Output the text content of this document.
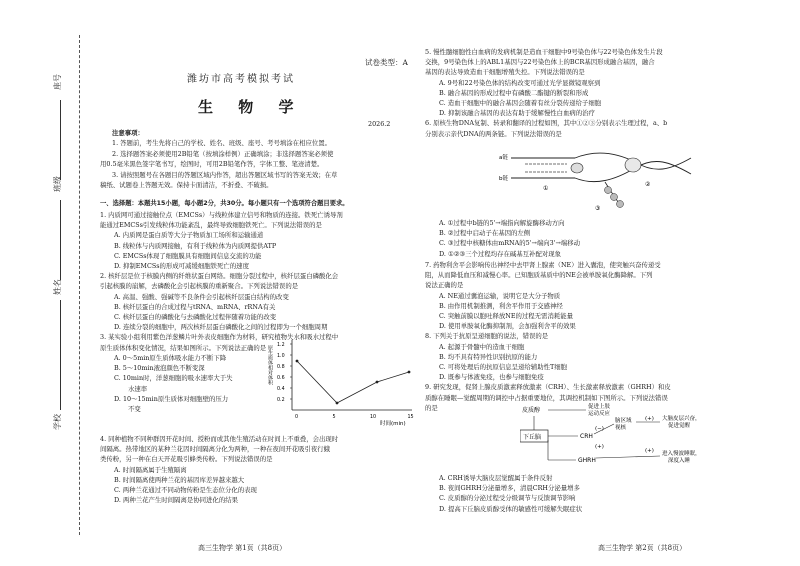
学校
姓名
班级
座号
试卷类型：A
潍坊市高考模拟考试
生 物 学
2026.2
注意事项：
1. 答题前，考生先将自己的学校、姓名、班级、座号、考号填涂在相应位置。
2. 选择题答案必须使用2B铅笔（按填涂样例）正确填涂；非选择题答案必须使
用0.5毫米黑色签字笔书写，绘图时，可用2B铅笔作答，字体工整、笔迹清楚。
3. 请按照题号在各题目的答题区域内作答，超出答题区域书写的答案无效；在草
稿纸、试题卷上答题无效。保持卡面清洁，不折叠、不破损。
一、选择题：本题共15小题，每小题2分，共30分。每小题只有一个选项符合题目要求。
1. 内质网可通过接触位点（EMCSs）与线粒体建立信号和物质的连接。铁死亡诱导剂
能通过EMCSs引发线粒体功能紊乱，最终导致细胞铁死亡。下列说法错误的是
A. 内质网是蛋白质等大分子物质加工场所和运输通道
B. 线粒体与内质网接触，有利于线粒体为内质网提供ATP
C. EMCSs体现了细胞膜具有细胞间信息交流的功能
D. 抑制EMCSs的形成可减缓细胞铁死亡的速度
2. 核纤层是位于核膜内侧的纤维状蛋白网络。细胞分裂过程中，核纤层蛋白磷酸化会
引起核膜的崩解，去磷酸化会引起核膜的重新聚合。下列说法错误的是
A. 高温、强酸、强碱等不良条件会引起核纤层蛋白结构的改变
B. 核纤层蛋白的合成过程与tRNA、mRNA、rRNA有关
C. 核纤层蛋白的磷酸化与去磷酸化过程伴随着功能的改变
D. 连续分裂的细胞中，两次核纤层蛋白磷酸化之间的过程即为一个细胞周期
3. 某实验小组利用紫色洋葱鳞片叶外表皮细胞作为材料，研究植物失水和吸水过程中
原生质体体积变化情况，结果如图所示。下列说法正确的是
A. 0～5min原生质体吸水能力不断下降
B. 5～10min液泡颜色不断变深
C. 10min时，洋葱细胞的吸水速率大于失
水速率
D. 10～15min原生质体对细胞壁的压力
不变
原生质体相对体积
0.2
0.4
0.6
0.8
1.0
1.2
0	5	10	15
时间(min)
4. 同种植物不同种群因开花时间、授粉而或其他生殖活动在时间上不重叠，会出现时
间隔离。热带地区的某种兰花因时间隔离分化为两种，一种在夜间开花吸引夜行蛾
类传粉，另一种在白天开花吸引蜂类传粉。下列说法错误的是
A. 时间隔离属于生殖隔离
B. 时间隔离使两种兰花的基因库差异越来越大
C. 两种兰花通过不同动物传粉是生态位分化的表现
D. 两种兰花产生时间隔离是协同进化的结果
高三生物学 第1页（共8页）
5. 慢性髓细胞性白血病的发病机制是造血干细胞中9号染色体与22号染色体发生片段
交换，9号染色体上的ABL1基因与22号染色体上的BCR基因形成融合基因，融合
基因的表达导致造血干细胞增殖失控。下列说法错误的是
A. 9号和22号染色体的结构改变可通过光学显微镜观察到
B. 融合基因的形成过程中有磷酸二酯键的断裂和形成
C. 造血干细胞中的融合基因会随着有丝分裂传递给子细胞
D. 抑制该融合基因的表达有助于缓解慢性白血病的治疗
6. 原核生物DNA复制、转录和翻译的过程如图，其中①②③分别表示生理过程，a、b
分别表示亲代DNA的两条链。下列说法错误的是
a链
b链
①
②
③
A. ①过程中b链的5'→端指向解旋酶移动方向
B. ②过程中启动子在基因的左侧
C. ③过程中核糖体由mRNA的5'→端向3'→端移动
D. ①②③三个过程均存在碱基互补配对现象
7. 药物利舍平会影响传出神经中去甲肾上腺素（NE）进入囊泡，使突触兴奋传递受
阻，从而降低血压和减慢心率。已知胞质基质中的NE会被单胺氧化酶降解。下列
说法正确的是
A. NE通过囊泡运输，说明它是大分子物质
B. 由作用机制推测，利舍平作用于交感神经
C. 突触前膜以胞吐释放NE的过程无需消耗能量
D. 使用单胺氧化酶抑制剂，会加强利舍平的效果
8. 下列关于抗原呈递细胞的说法，错误的是
A. 起源于骨髓中的造血干细胞
B. 均不具有特异性识别抗原的能力
C. 可将处理后的抗原信息呈递给辅助性T细胞
D. 既参与体液免疫，也参与细胞免疫
9. 研究发现，促肾上腺皮质激素释放激素（CRH）、生长激素释放激素（GHRH）和皮
质醇在睡眠—觉醒周期的调控中占据重要地位，其调控机制如下图所示。下列说法错误
的是	皮质醇	促进上肢
运动反应
下丘脑	CRH
GHRH
脑区域
视核
(+)
(−)
(+)
(+)
大脑皮层兴奋，
促进觉醒
进入慢波睡眠，
深度入睡
A. CRH诱导大脑皮层觉醒属于条件反射
B. 夜间GHRH分泌量增多，清晨CRH分泌量增多
C. 皮质醇的分泌过程受分级调节与反馈调节影响
D. 提高下丘脑皮质醇受体的敏感性可缓解失眠症状
高三生物学 第2页（共8页）
